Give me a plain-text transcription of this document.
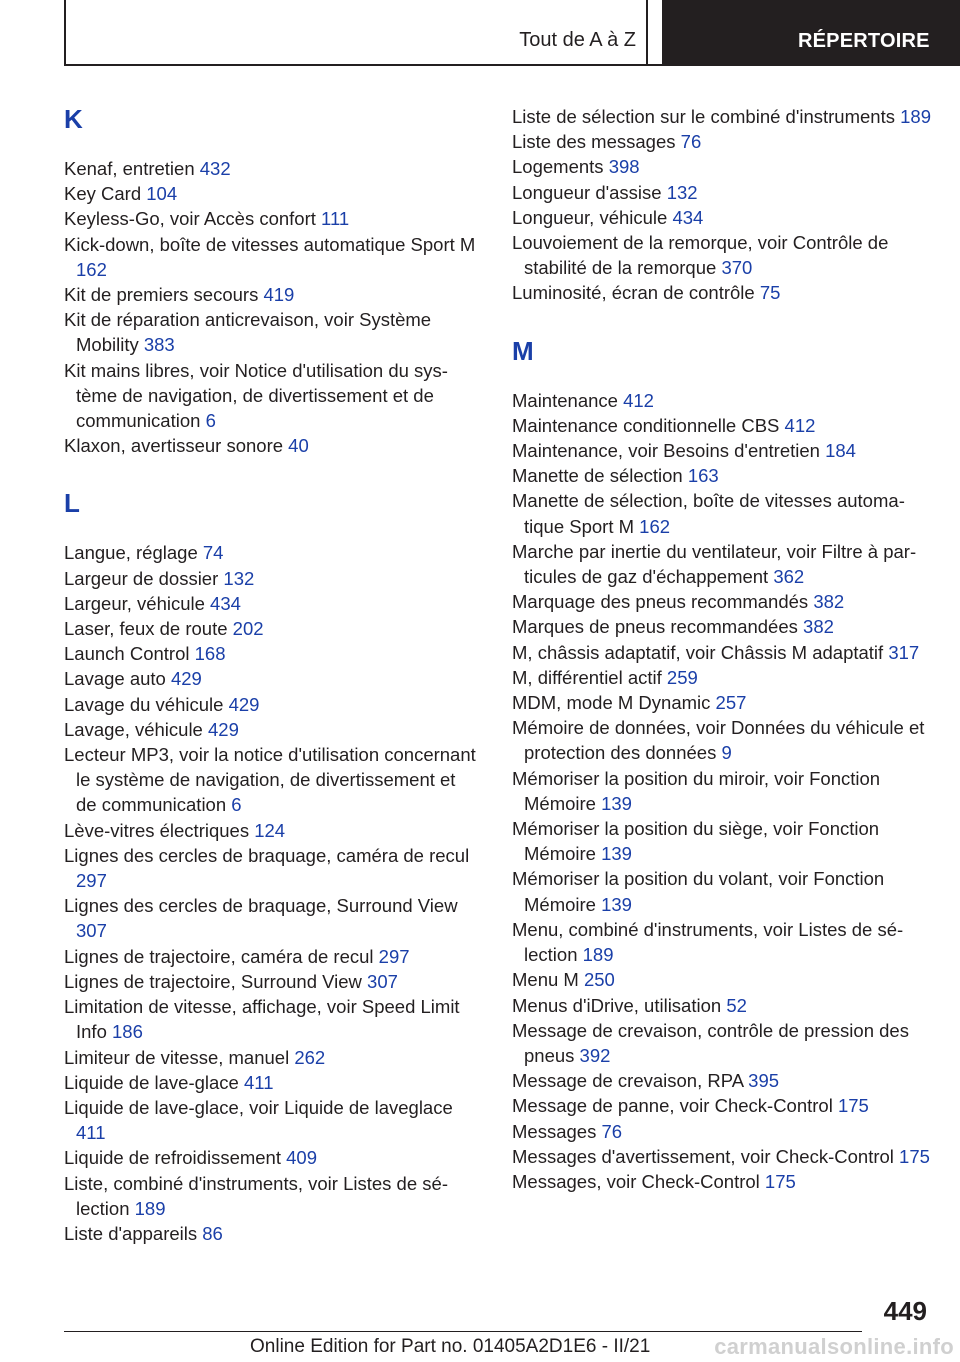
Tout de A à Z	RÉPERTOIRE
K
Kenaf, entretien 432
Key Card 104
Keyless-Go, voir Accès confort 111
Kick-down, boîte de vitesses automatique Sport M 162
Kit de premiers secours 419
Kit de réparation anticrevaison, voir Système Mobility 383
Kit mains libres, voir Notice d'utilisation du système de navigation, de divertissement et de communication 6
Klaxon, avertisseur sonore 40
L
Langue, réglage 74
Largeur de dossier 132
Largeur, véhicule 434
Laser, feux de route 202
Launch Control 168
Lavage auto 429
Lavage du véhicule 429
Lavage, véhicule 429
Lecteur MP3, voir la notice d'utilisation concernant le système de navigation, de divertissement et de communication 6
Lève-vitres électriques 124
Lignes des cercles de braquage, caméra de recul 297
Lignes des cercles de braquage, Surround View 307
Lignes de trajectoire, caméra de recul 297
Lignes de trajectoire, Surround View 307
Limitation de vitesse, affichage, voir Speed Limit Info 186
Limiteur de vitesse, manuel 262
Liquide de lave-glace 411
Liquide de lave-glace, voir Liquide de laveglace 411
Liquide de refroidissement 409
Liste, combiné d'instruments, voir Listes de sélection 189
Liste d'appareils 86
Liste de sélection sur le combiné d'instruments 189
Liste des messages 76
Logements 398
Longueur d'assise 132
Longueur, véhicule 434
Louvoiement de la remorque, voir Contrôle de stabilité de la remorque 370
Luminosité, écran de contrôle 75
M
Maintenance 412
Maintenance conditionnelle CBS 412
Maintenance, voir Besoins d'entretien 184
Manette de sélection 163
Manette de sélection, boîte de vitesses automatique Sport M 162
Marche par inertie du ventilateur, voir Filtre à particules de gaz d'échappement 362
Marquage des pneus recommandés 382
Marques de pneus recommandées 382
M, châssis adaptatif, voir Châssis M adaptatif 317
M, différentiel actif 259
MDM, mode M Dynamic 257
Mémoire de données, voir Données du véhicule et protection des données 9
Mémoriser la position du miroir, voir Fonction Mémoire 139
Mémoriser la position du siège, voir Fonction Mémoire 139
Mémoriser la position du volant, voir Fonction Mémoire 139
Menu, combiné d'instruments, voir Listes de sélection 189
Menu M 250
Menus d'iDrive, utilisation 52
Message de crevaison, contrôle de pression des pneus 392
Message de crevaison, RPA 395
Message de panne, voir Check-Control 175
Messages 76
Messages d'avertissement, voir Check-Control 175
Messages, voir Check-Control 175
449
Online Edition for Part no. 01405A2D1E6 - II/21	carmanualsonline.info
